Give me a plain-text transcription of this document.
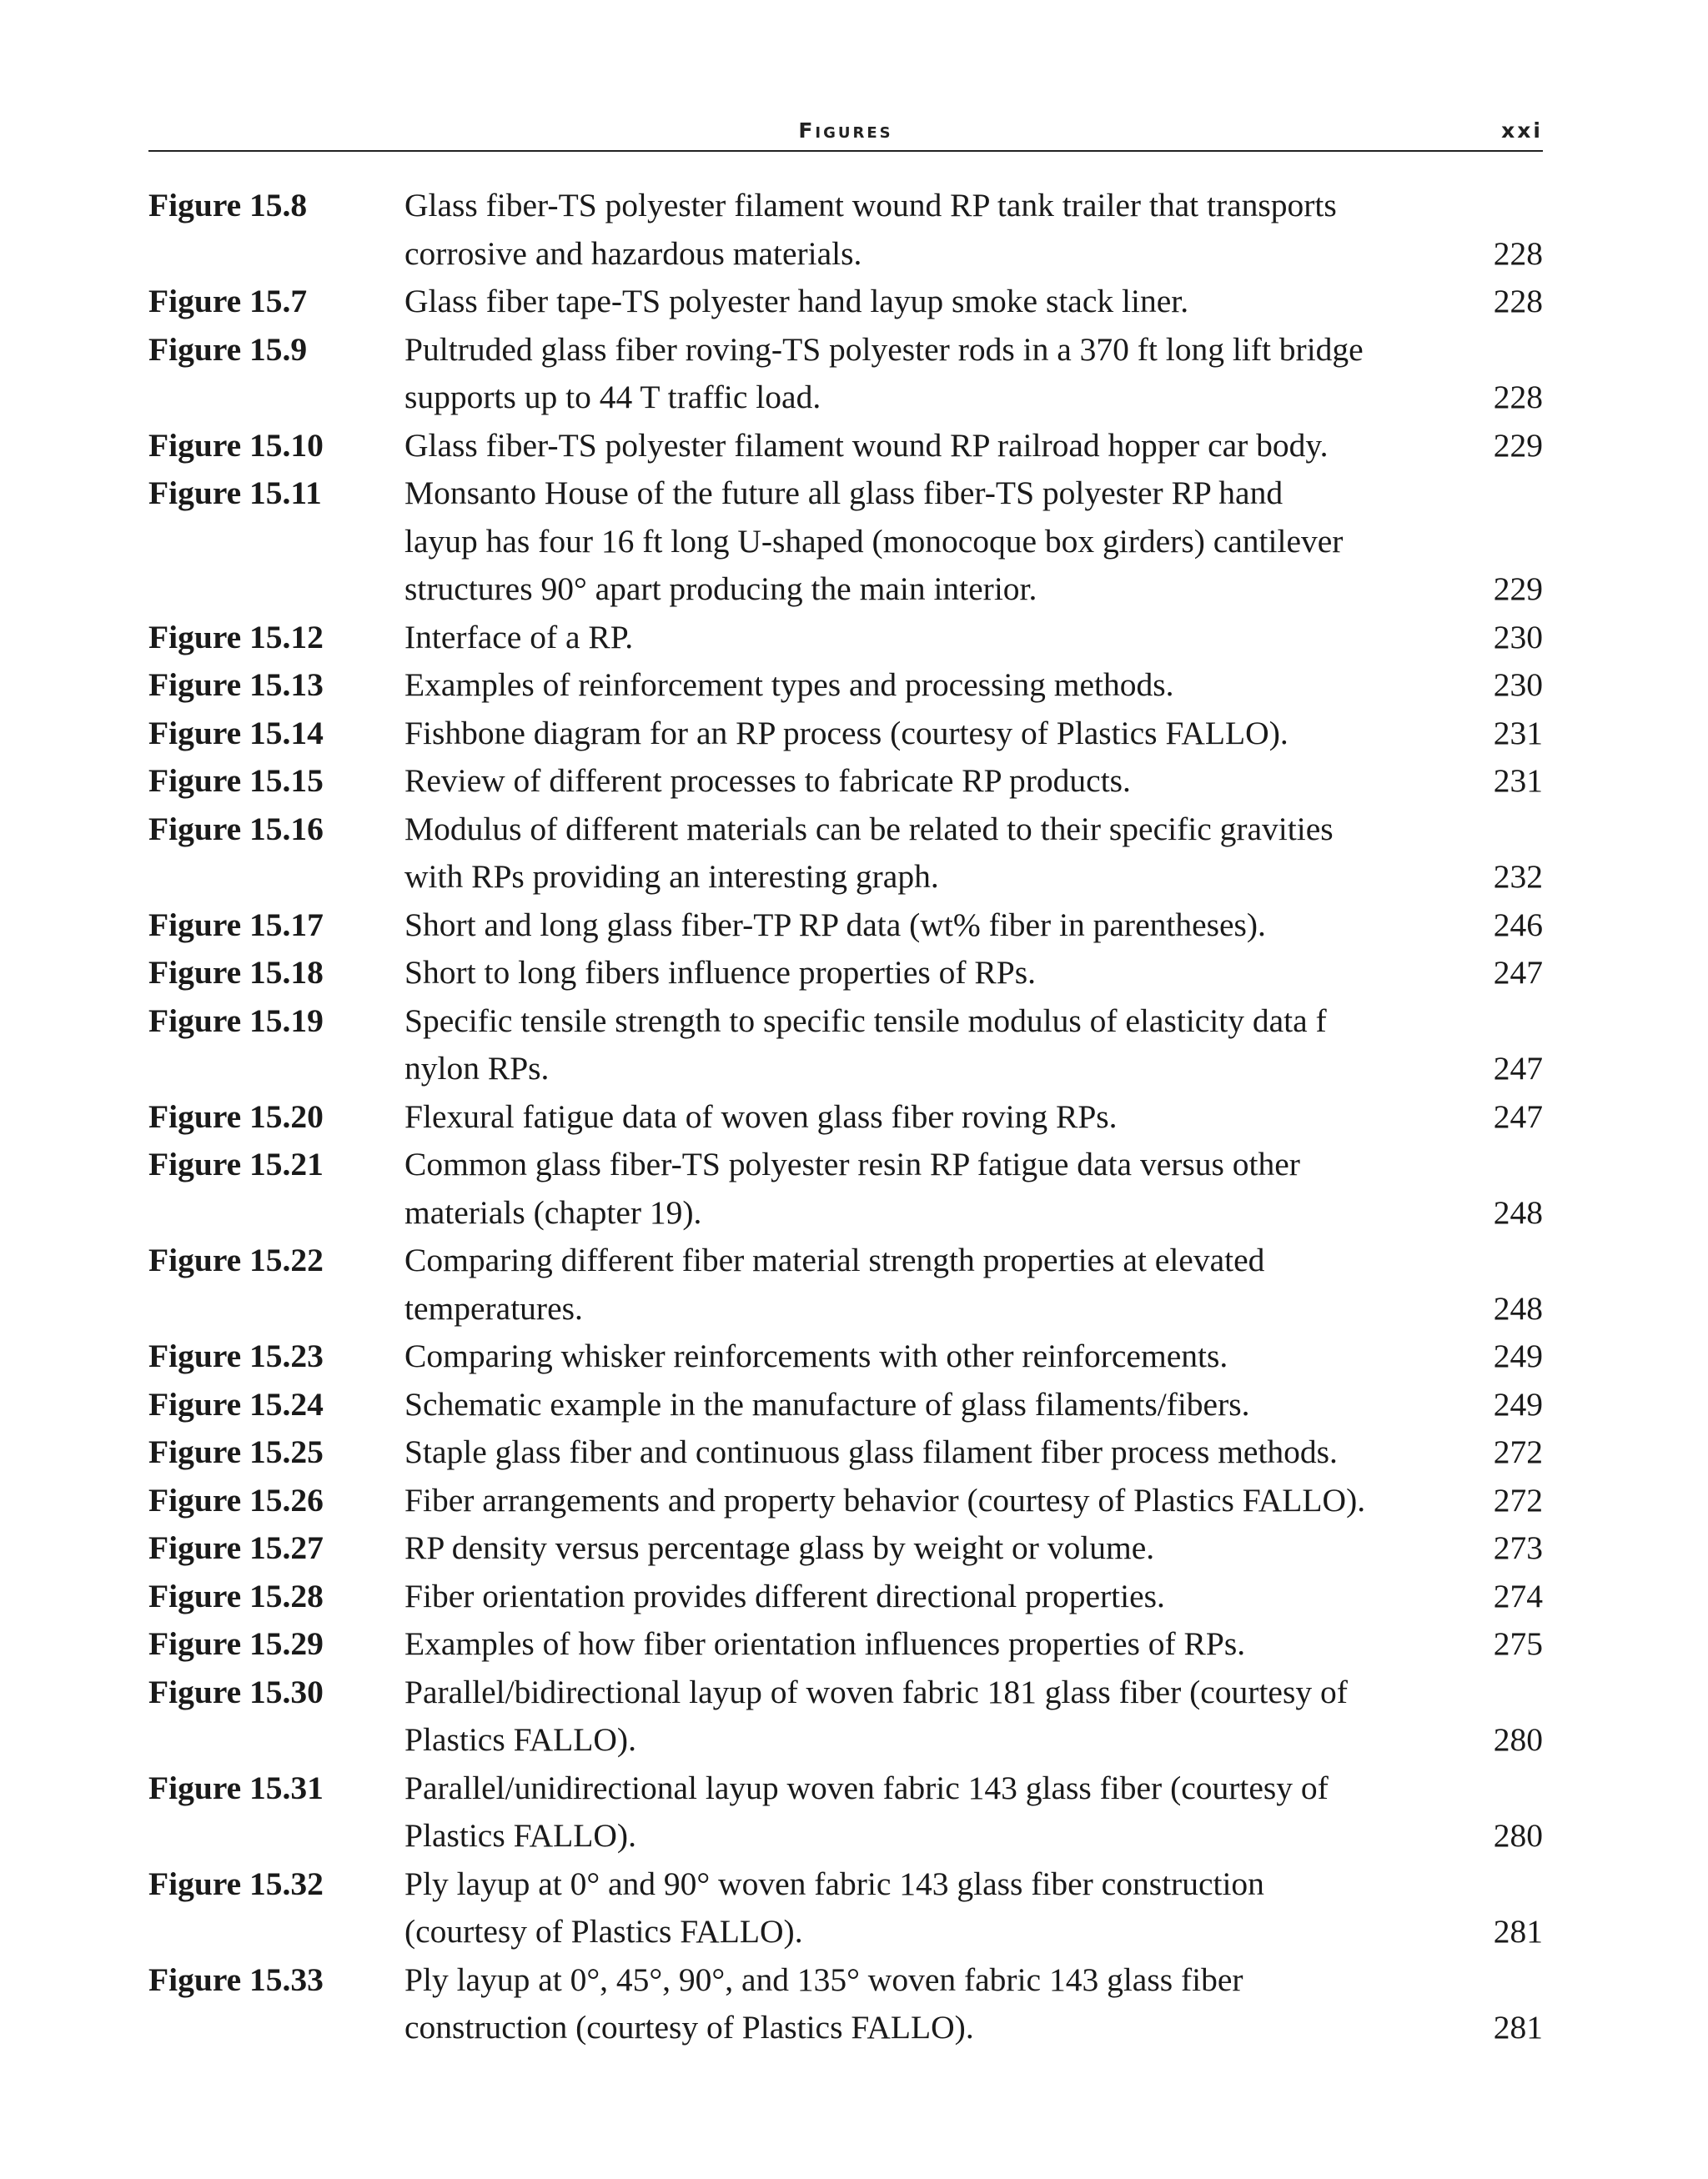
Figures	xxi
Figure 15.8	Glass fiber-TS polyester filament wound RP tank trailer that transports
corrosive and hazardous materials.	228
Figure 15.7	Glass fiber tape-TS polyester hand layup smoke stack liner.	228
Figure 15.9	Pultruded glass fiber roving-TS polyester rods in a 370 ft long lift bridge
supports up to 44 T traffic load.	228
Figure 15.10 Glass fiber-TS polyester filament wound RP railroad hopper car body.	229
Figure 15.11	Monsanto House of the future all glass fiber-TS polyester RP hand
layup has four 16 ft long U-shaped (monocoque box girders) cantilever
structures 90° apart producing the main interior.	229
Figure 15.12 Interface of a RP.	230
Figure 15.13 Examples of reinforcement types and processing methods.	230
Figure 15.14 Fishbone diagram for an RP process (courtesy of Plastics FALLO).	231
Figure 15.15 Review of different processes to fabricate RP products.	231
Figure 15.16 Modulus of different materials can be related to their specific gravities
with RPs providing an interesting graph.	232
Figure 15.17 Short and long glass fiber-TP RP data (wt% fiber in parentheses).	246
Figure 15.18 Short to long fibers influence properties of RPs.	247
Figure 15.19 Specific tensile strength to specific tensile modulus of elasticity data f
nylon RPs.	247
Figure 15.20 Flexural fatigue data of woven glass fiber roving RPs.	247
Figure 15.21 Common glass fiber-TS polyester resin RP fatigue data versus other
materials (chapter 19).	248
Figure 15.22 Comparing different fiber material strength properties at elevated
temperatures.	248
Figure 15.23 Comparing whisker reinforcements with other reinforcements.	249
Figure 15.24 Schematic example in the manufacture of glass filaments/fibers.	249
Figure 15.25 Staple glass fiber and continuous glass filament fiber process methods.	272
Figure 15.26 Fiber arrangements and property behavior (courtesy of Plastics FALLO).	272
Figure 15.27 RP density versus percentage glass by weight or volume.	273
Figure 15.28 Fiber orientation provides different directional properties.	274
Figure 15.29 Examples of how fiber orientation influences properties of RPs.	275
Figure 15.30 Parallel/bidirectional layup of woven fabric 181 glass fiber (courtesy of
Plastics FALLO).	280
Figure 15.31 Parallel/unidirectional layup woven fabric 143 glass fiber (courtesy of
Plastics FALLO).	280
Figure 15.32 Ply layup at 0° and 90° woven fabric 143 glass fiber construction
(courtesy of Plastics FALLO).	281
Figure 15.33 Ply layup at 0°, 45°, 90°, and 135° woven fabric 143 glass fiber
construction (courtesy of Plastics FALLO).	281
